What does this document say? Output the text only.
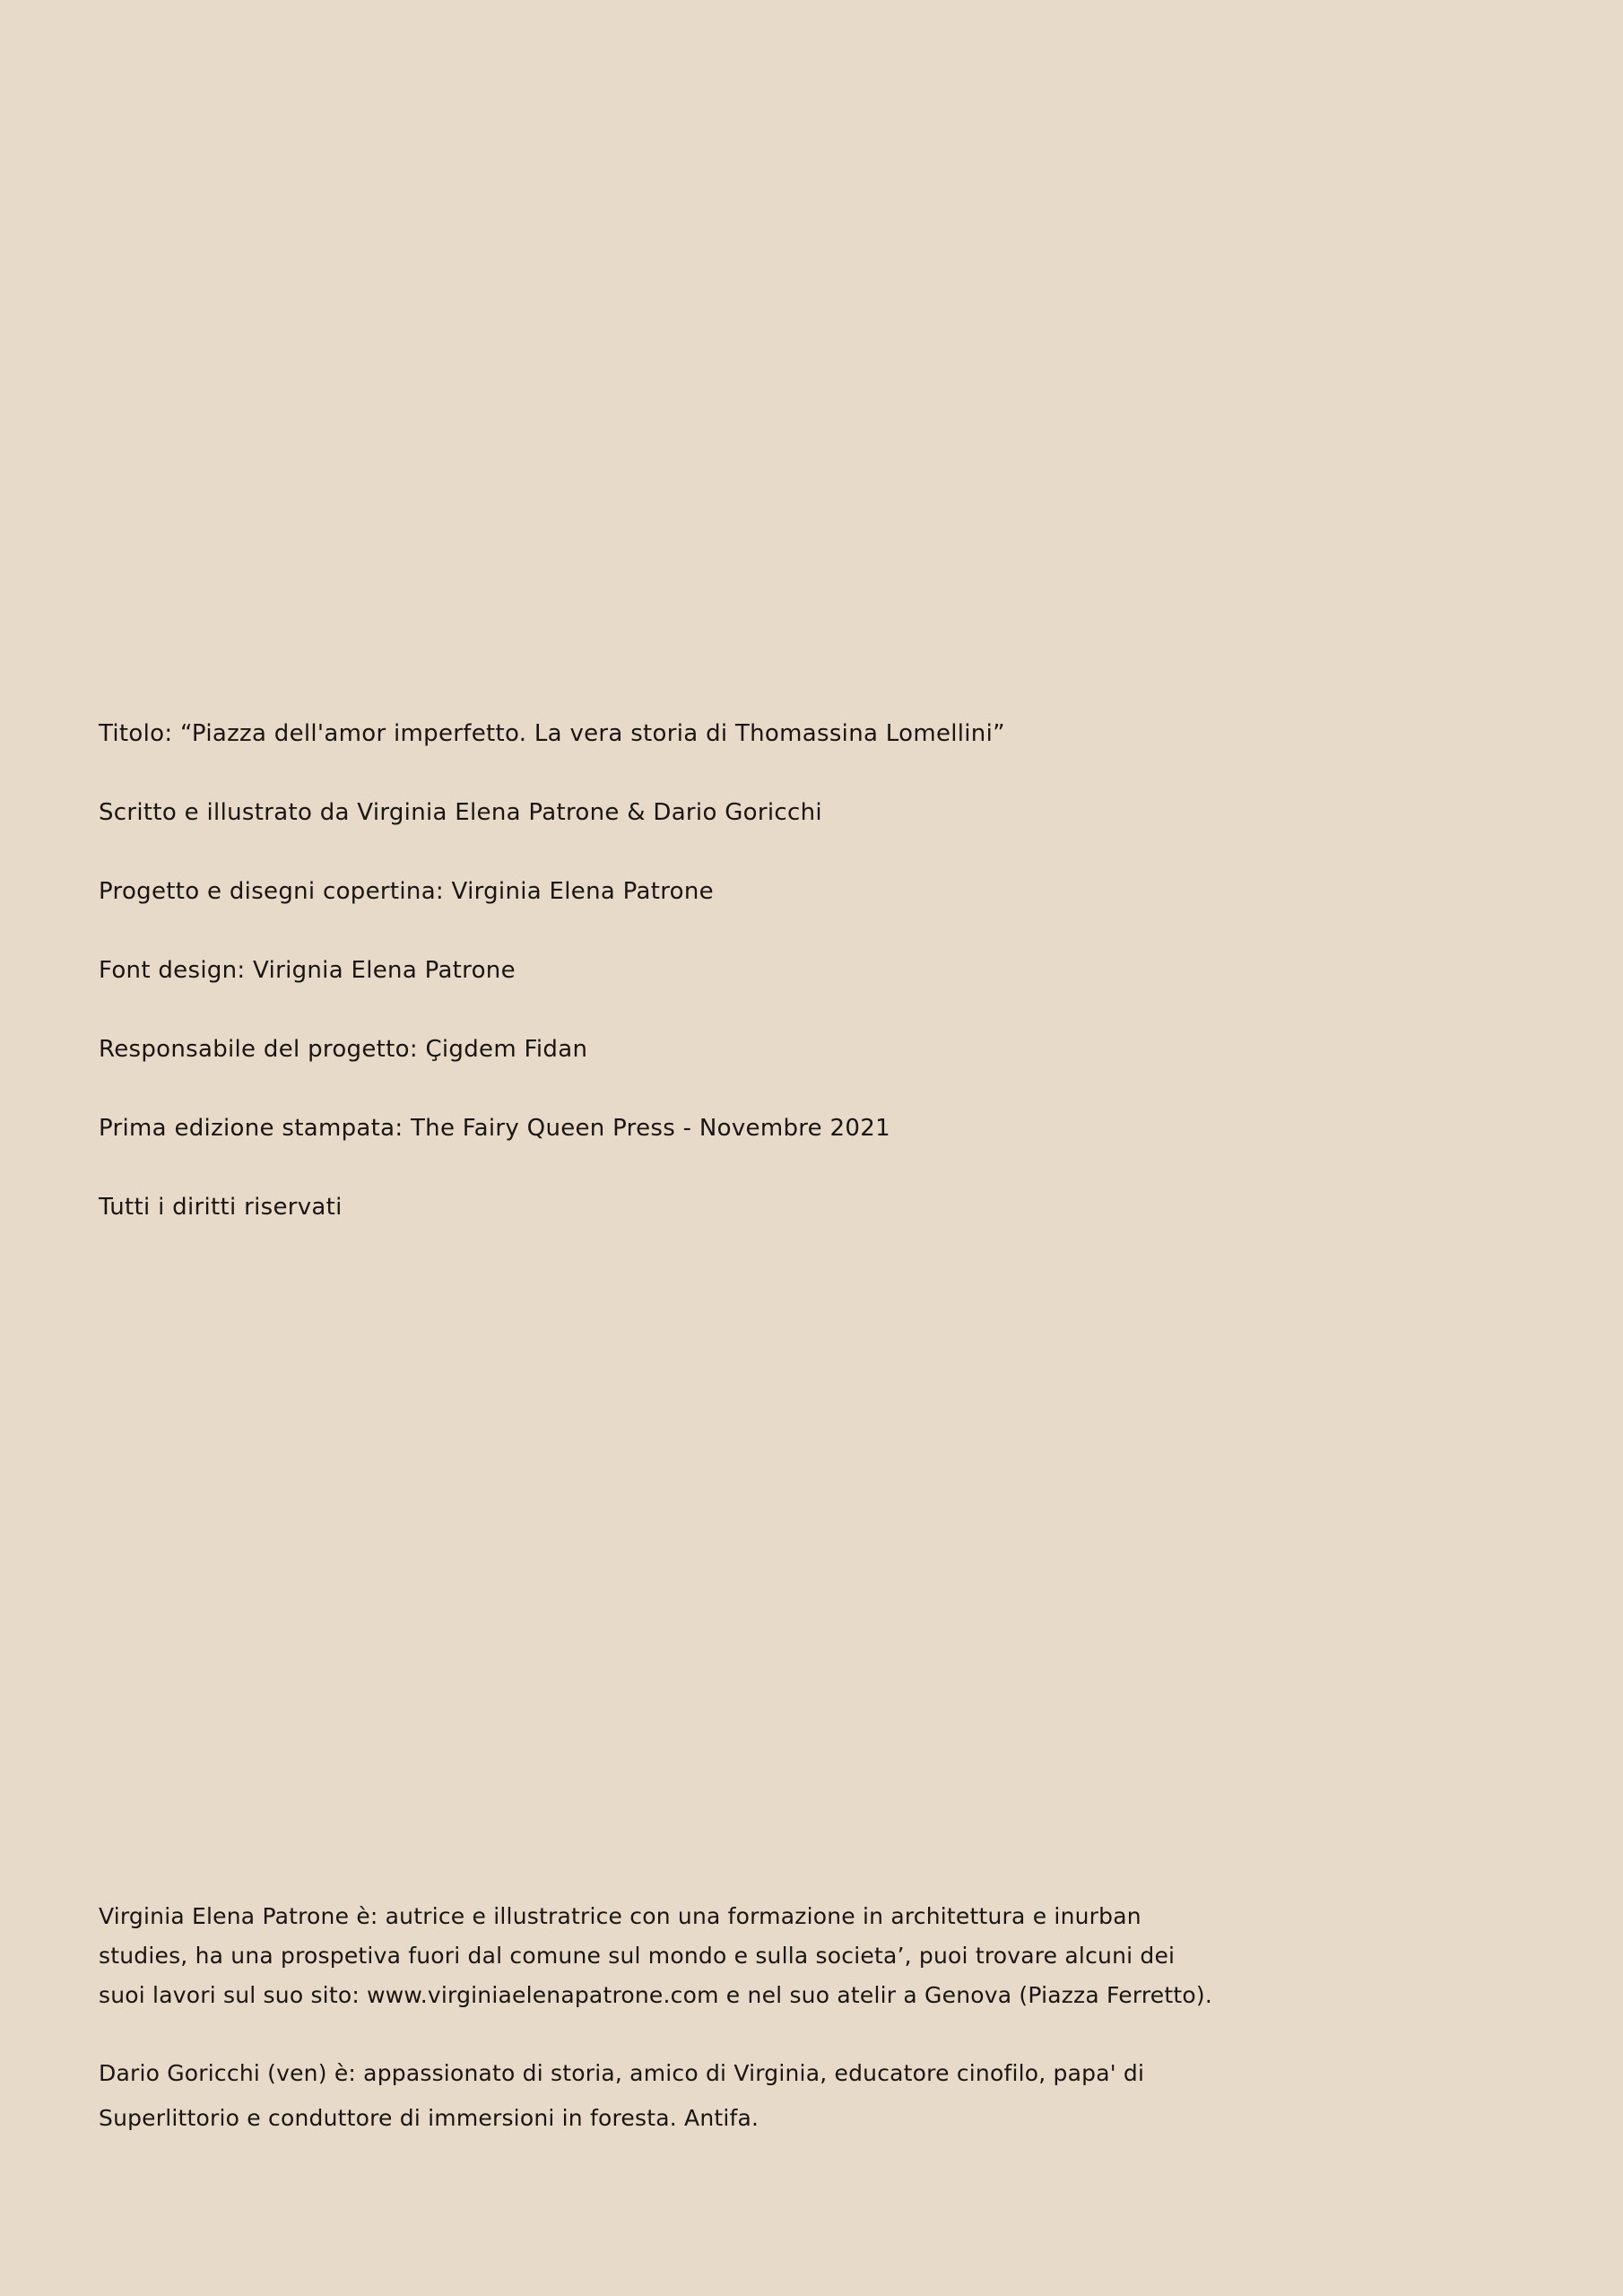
Titolo: “Piazza dell'amor imperfetto. La vera storia di Thomassina Lomellini”
Scritto e illustrato da Virginia Elena Patrone & Dario Goricchi
Progetto e disegni copertina: Virginia Elena Patrone
Font design: Virignia Elena Patrone
Responsabile del progetto: Çigdem Fidan
Prima edizione stampata: The Fairy Queen Press - Novembre 2021
Tutti i diritti riservati

Virginia Elena Patrone è: autrice e illustratrice con una formazione in architettura e inurban studies, ha una prospetiva fuori dal comune sul mondo e sulla societa’, puoi trovare alcuni dei suoi lavori sul suo sito: www.virginiaelenapatrone.com e nel suo atelir a Genova (Piazza Ferretto).

Dario Goricchi (ven) è: appassionato di storia, amico di Virginia, educatore cinofilo, papa' di Superlittorio e conduttore di immersioni in foresta. Antifa.
